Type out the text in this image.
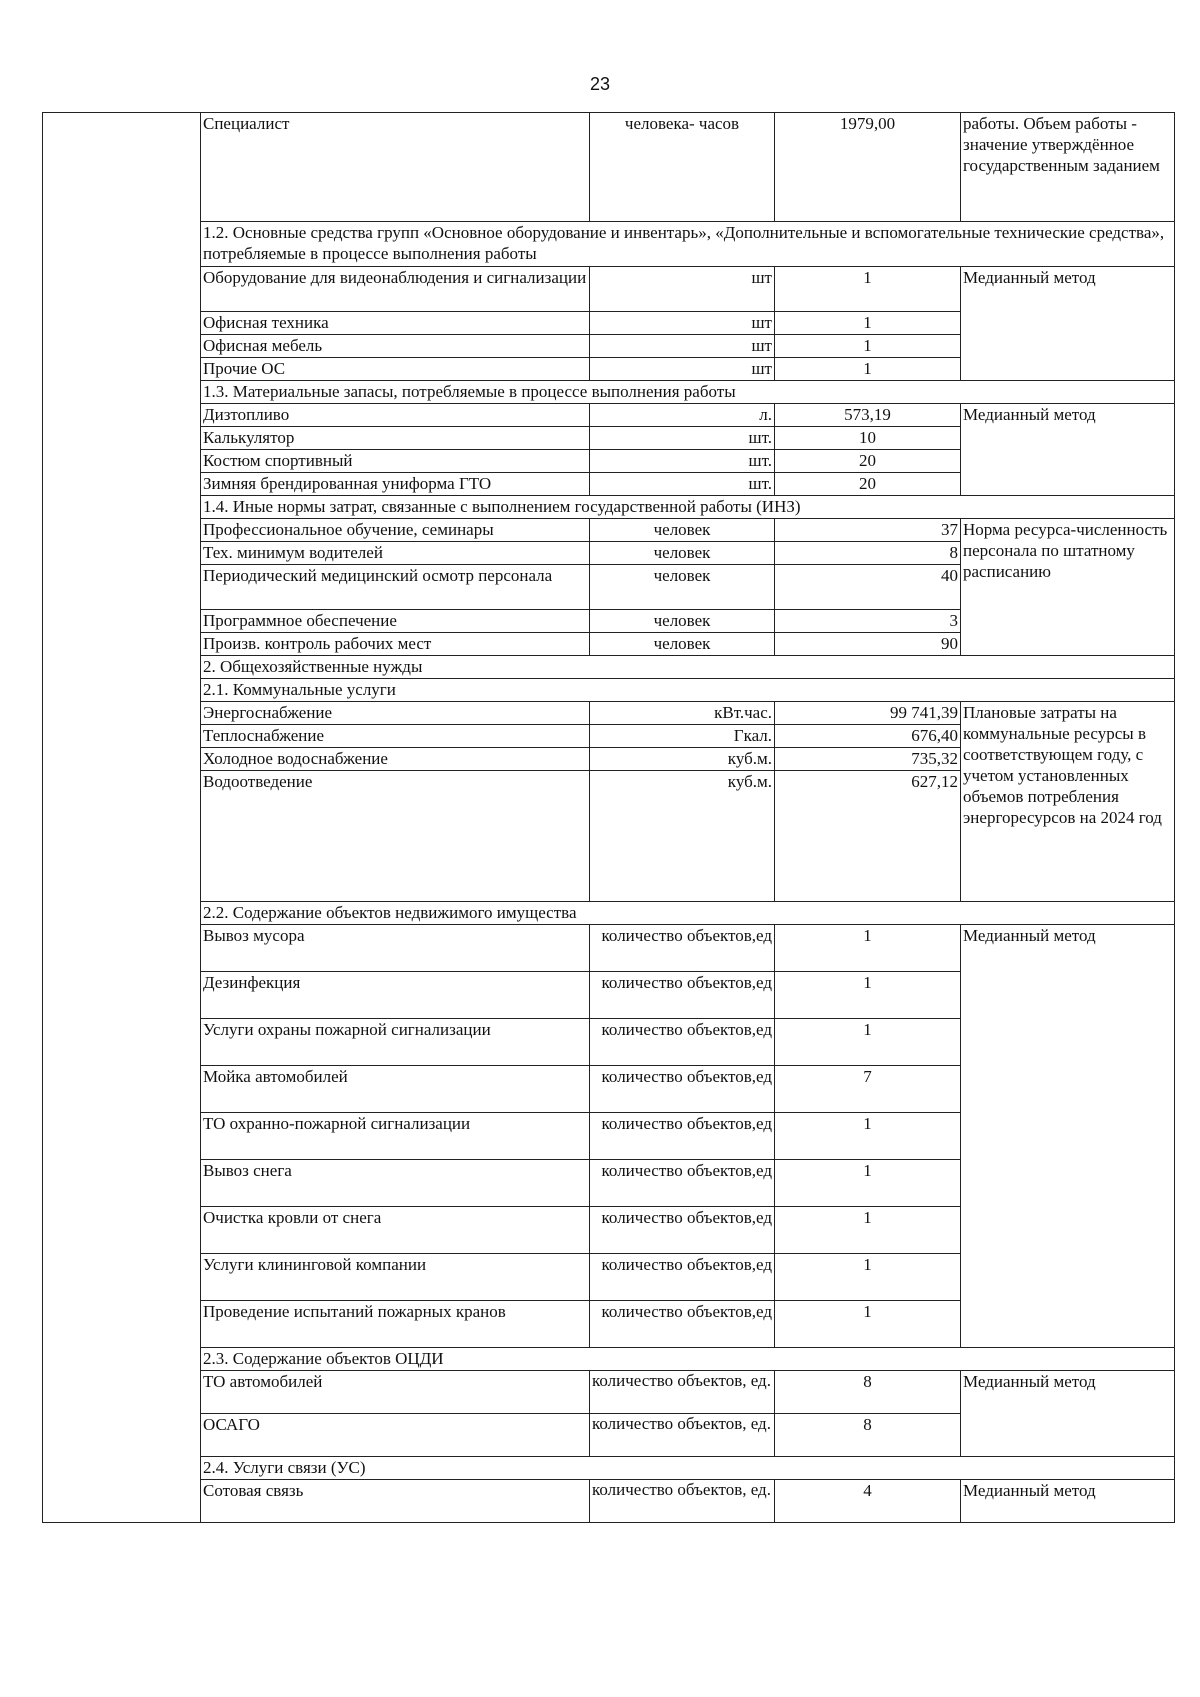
23
	Специалист	человека- часов	1979,00	работы. Объем работы - значение утверждённое государственным заданием
	1.2. Основные средства групп «Основное оборудование и инвентарь», «Дополнительные и вспомогательные технические средства», потребляемые в процессе выполнения работы			
	Оборудование для видеонаблюдения и сигнализации	шт	1	Медианный метод
	Офисная техника	шт	1	
	Офисная мебель	шт	1	
	Прочие ОС	шт	1	
	1.3. Материальные запасы, потребляемые в процессе выполнения работы			
	Дизтопливо	л.	573,19	Медианный метод
	Калькулятор	шт.	10	
	Костюм спортивный	шт.	20	
	Зимняя брендированная униформа ГТО	шт.	20	
	1.4. Иные нормы затрат, связанные с выполнением государственной работы (ИНЗ)			
	Профессиональное обучение, семинары	человек	37	Норма ресурса-численность персонала по штатному расписанию
	Тех. минимум водителей	человек	8	
	Периодический медицинский осмотр персонала	человек	40	
	Программное обеспечение	человек	3	
	Произв. контроль рабочих мест	человек	90	
	2. Общехозяйственные нужды			
	2.1. Коммунальные услуги			
	Энергоснабжение	кВт.час.	99 741,39	Плановые затраты на коммунальные ресурсы в соответствующем году, с учетом установленных объемов потребления энергоресурсов на 2024 год
	Теплоснабжение	Гкал.	676,40	
	Холодное водоснабжение	куб.м.	735,32	
	Водоотведение	куб.м.	627,12	
	2.2. Содержание объектов недвижимого имущества			
	Вывоз мусора	количество объектов,ед	1	Медианный метод
	Дезинфекция	количество объектов,ед	1	
	Услуги охраны пожарной сигнализации	количество объектов,ед	1	
	Мойка автомобилей	количество объектов,ед	7	
	ТО охранно-пожарной сигнализации	количество объектов,ед	1	
	Вывоз снега	количество объектов,ед	1	
	Очистка кровли от снега	количество объектов,ед	1	
	Услуги клининговой компании	количество объектов,ед	1	
	Проведение испытаний пожарных кранов	количество объектов,ед	1	
	2.3. Содержание объектов ОЦДИ			
	ТО автомобилей	количество объектов, ед.	8	Медианный метод
	ОСАГО	количество объектов, ед.	8	
	2.4. Услуги связи (УС)			
	Сотовая связь	количество объектов, ед.	4	Медианный метод
